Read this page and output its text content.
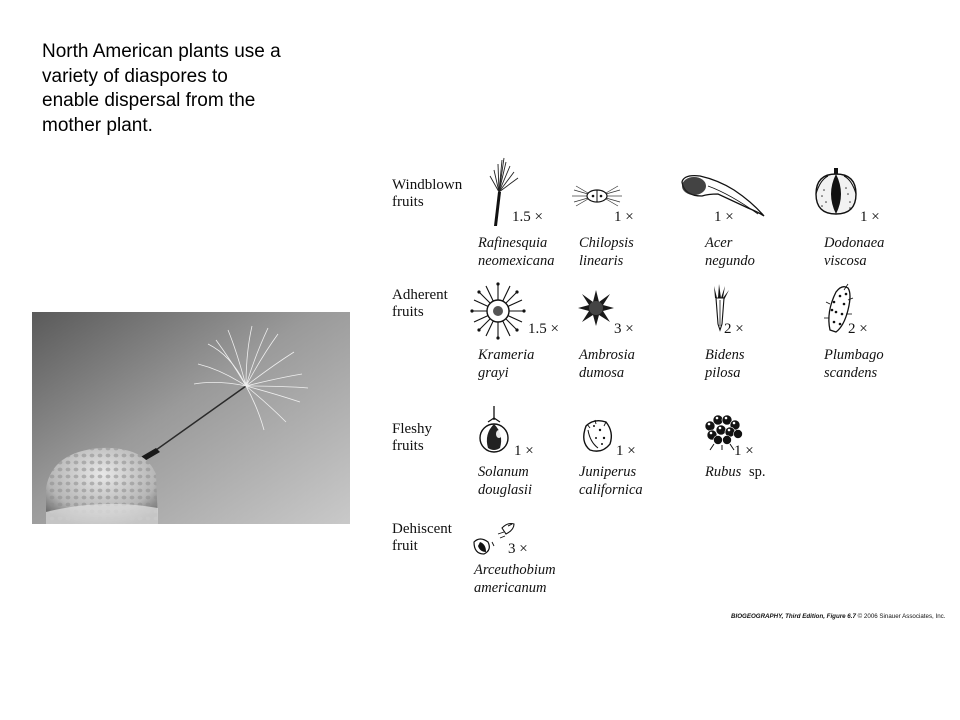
North American plants use a
variety of diaspores to
enable dispersal from the
mother plant.
Windblown
fruits
Adherent
fruits
Fleshy
fruits
Dehiscent
fruit
1.5 ×
Rafinesquia
neomexicana
1 ×
Chilopsis
linearis
1 ×
Acer
negundo
1 ×
Dodonaea
viscosa
1.5 ×
Krameria
grayi
3 ×
Ambrosia
dumosa
2 ×
Bidens
pilosa
2 ×
Plumbago
scandens
1 ×
Solanum
douglasii
1 ×
Juniperus
californica
1 ×
Rubus sp.
3 ×
Arceuthobium
americanum
BIOGEOGRAPHY, Third Edition, Figure 6.7 © 2006 Sinauer Associates, Inc.
